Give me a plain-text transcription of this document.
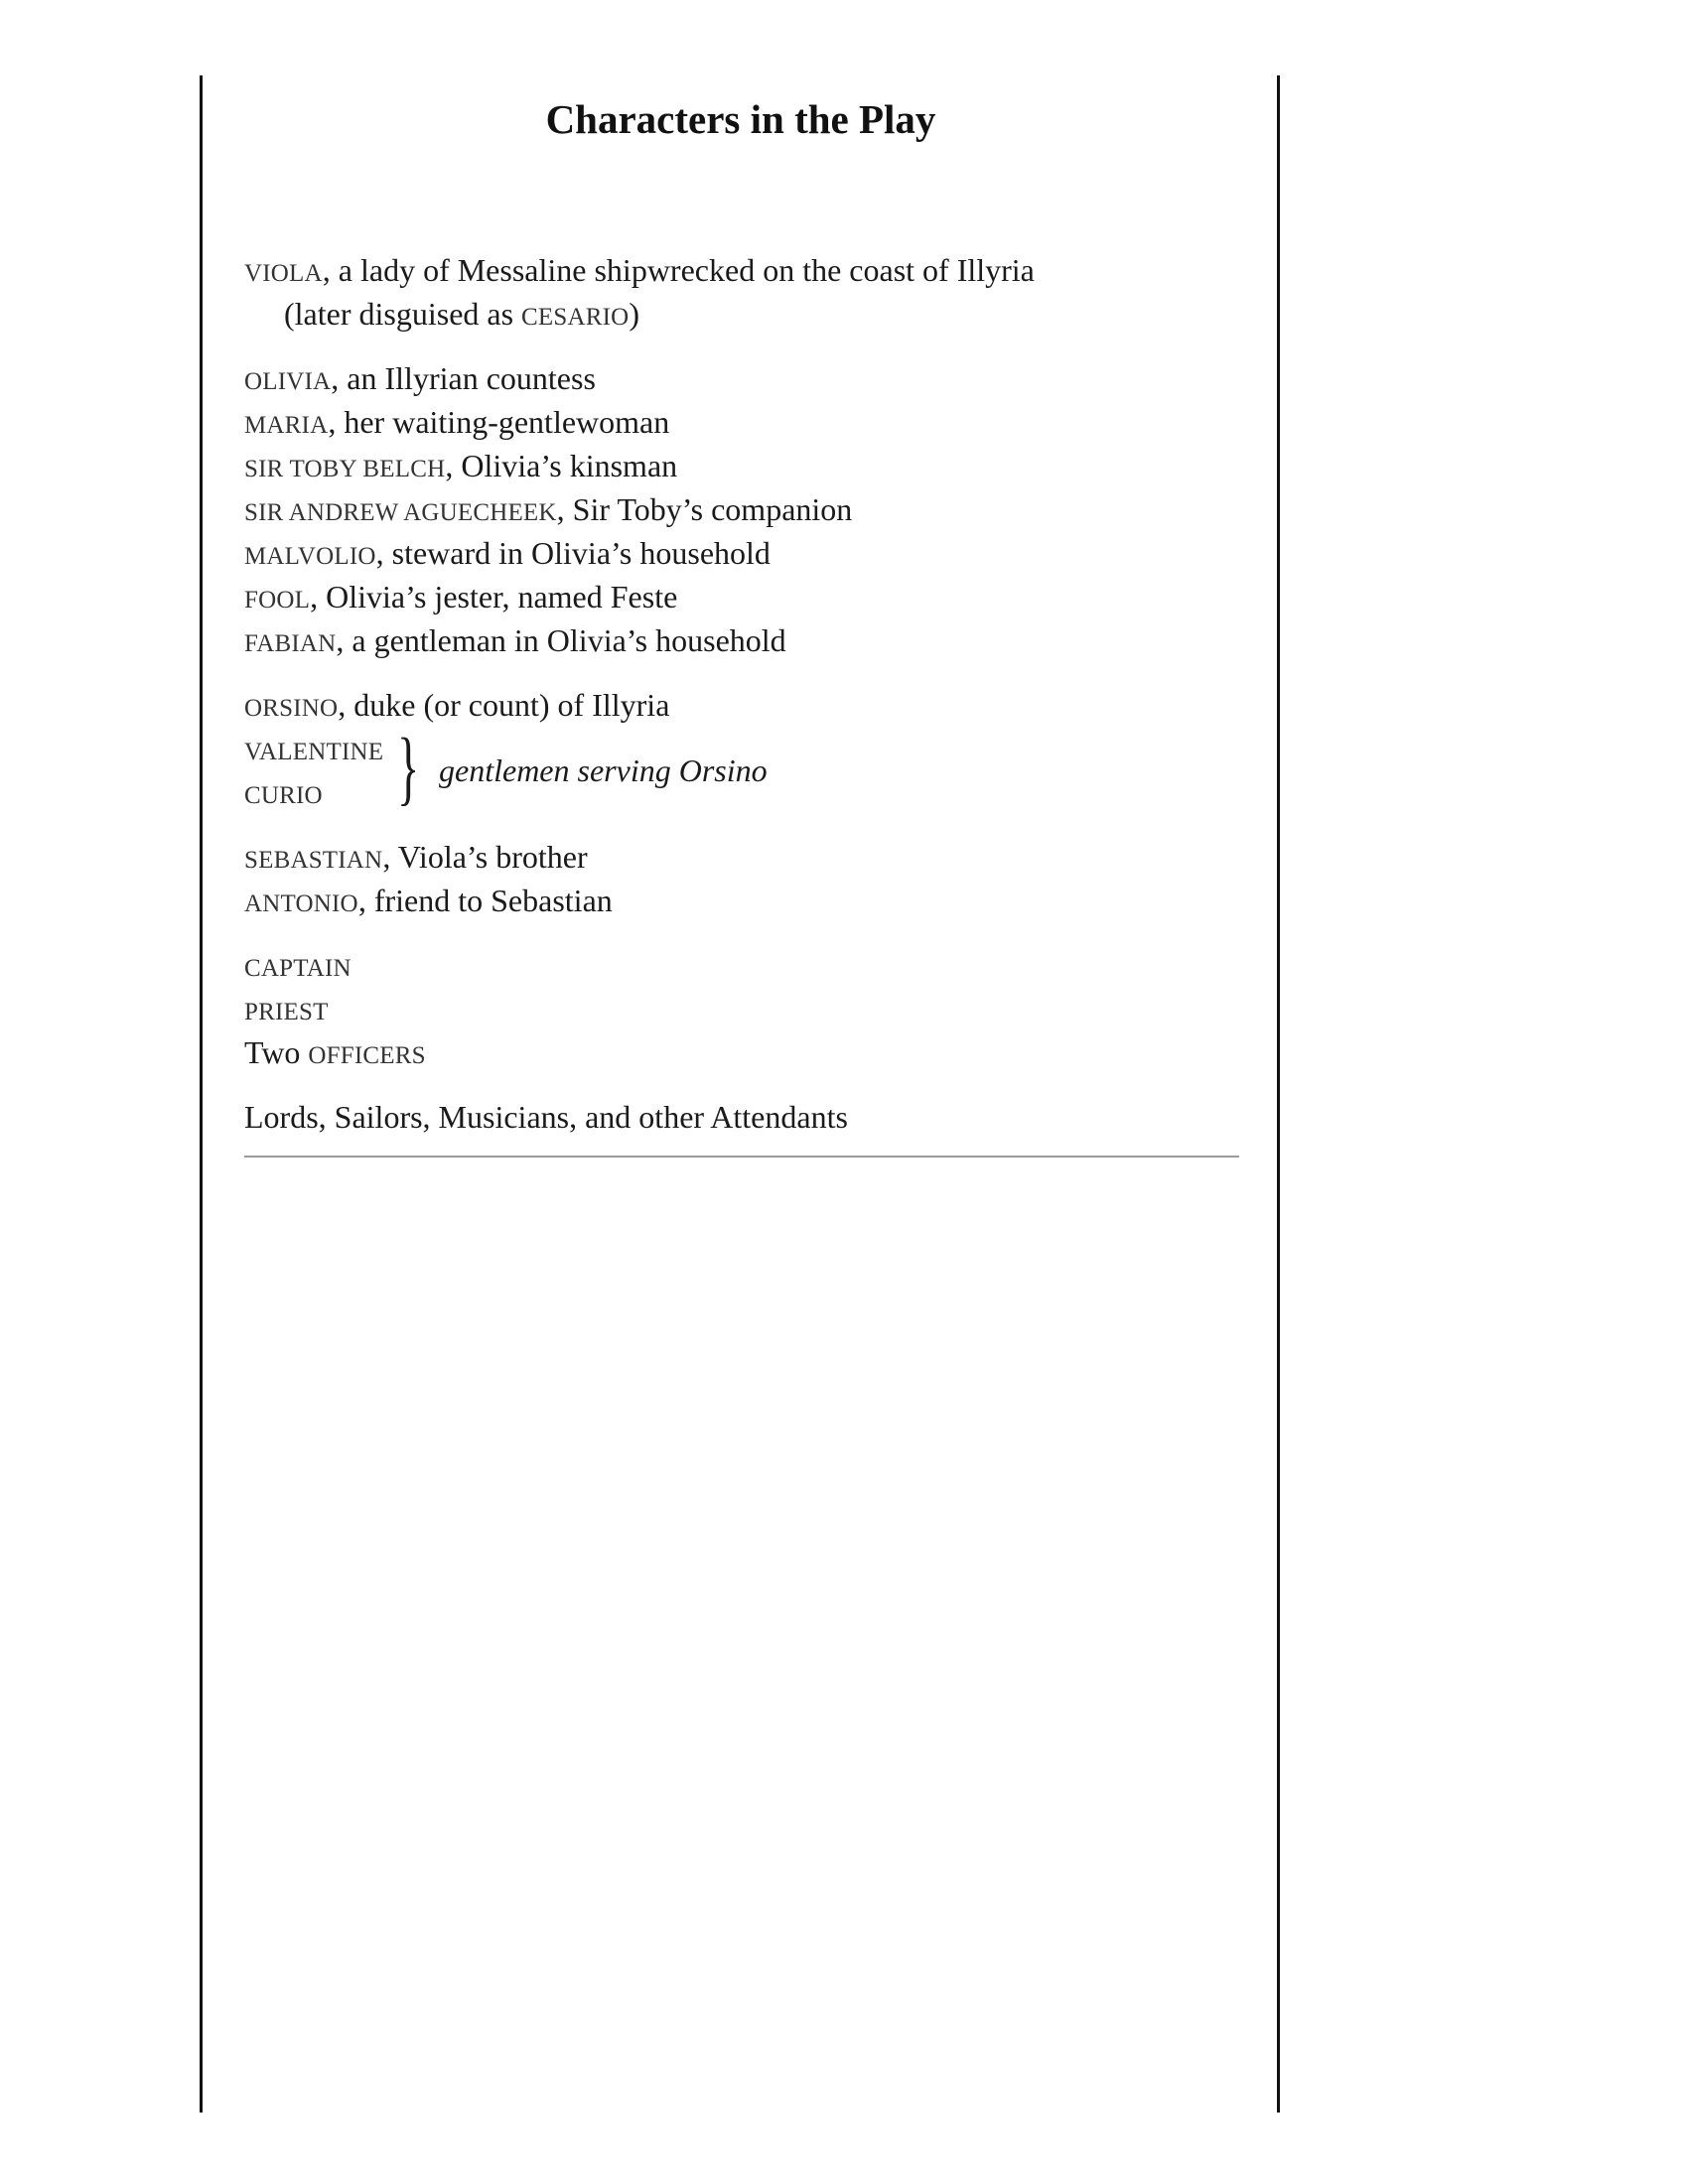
Characters in the Play
VIOLA, a lady of Messaline shipwrecked on the coast of Illyria
(later disguised as CESARIO)
OLIVIA, an Illyrian countess
MARIA, her waiting-gentlewoman
SIR TOBY BELCH, Olivia’s kinsman
SIR ANDREW AGUECHEEK, Sir Toby’s companion
MALVOLIO, steward in Olivia’s household
FOOL, Olivia’s jester, named Feste
FABIAN, a gentleman in Olivia’s household
ORSINO, duke (or count) of Illyria
VALENTINE
CURIO } gentlemen serving Orsino
SEBASTIAN, Viola’s brother
ANTONIO, friend to Sebastian
CAPTAIN
PRIEST
Two OFFICERS
Lords, Sailors, Musicians, and other Attendants
